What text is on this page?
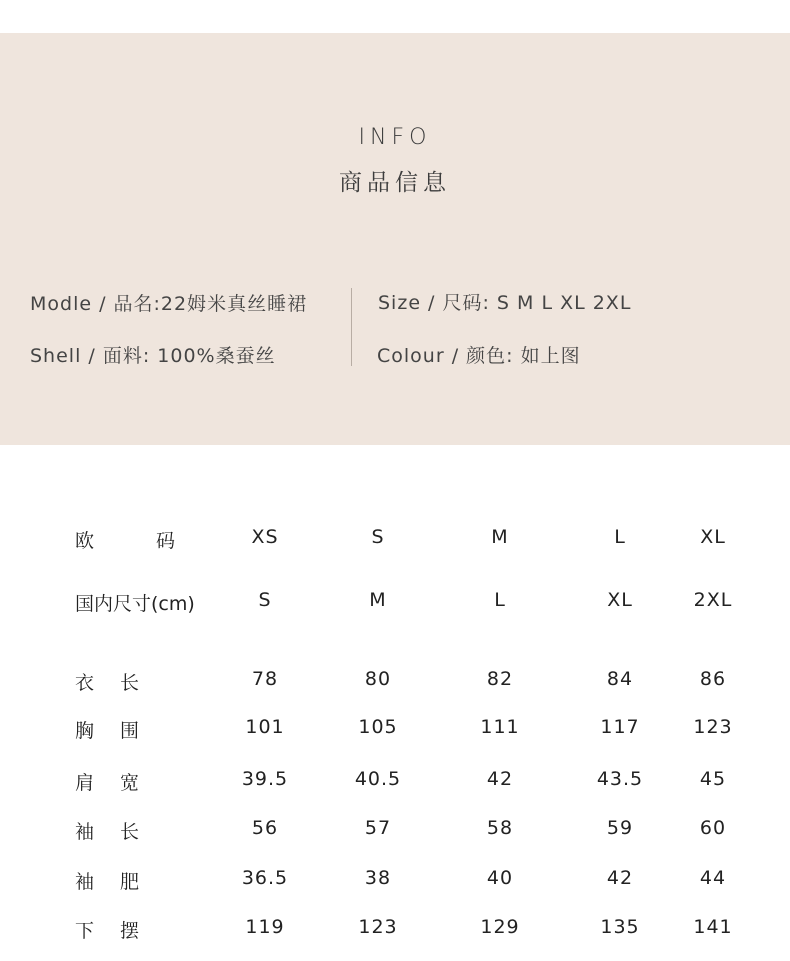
INFO
商品信息
Modle / 品名:22姆米真丝睡裙
Shell / 面料: 100%桑蚕丝
Size / 尺码: S M L XL 2XL
Colour / 颜色: 如上图
欧 码	XS	S	M	L	XL
国内尺寸(cm)	S	M	L	XL	2XL
衣 长	78	80	82	84	86
胸 围	101	105	111	117	123
肩 宽	39.5	40.5	42	43.5	45
袖 长	56	57	58	59	60
袖 肥	36.5	38	40	42	44
下 摆	119	123	129	135	141
